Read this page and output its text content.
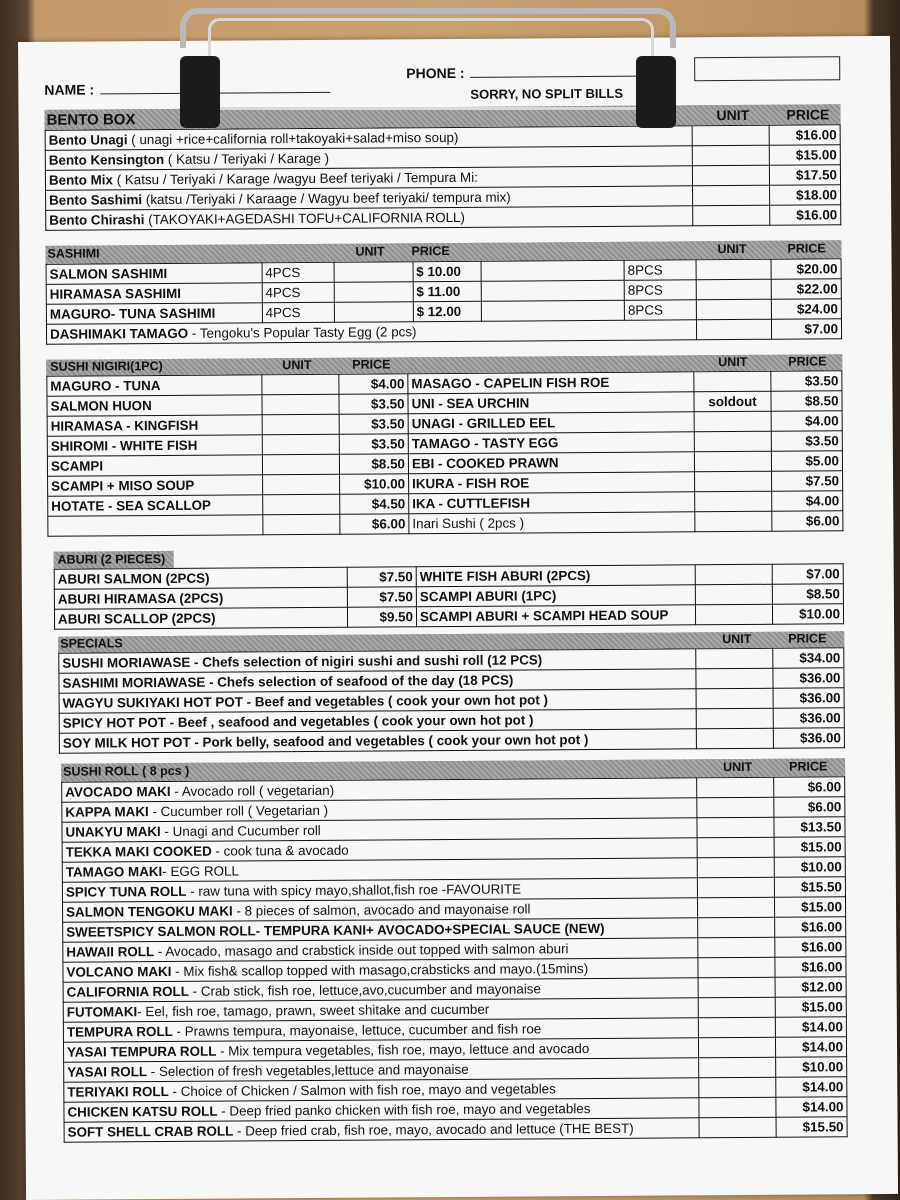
NAME :
PHONE :
SORRY, NO SPLIT BILLS
BENTO BOX	UNIT	PRICE
Bento Unagi ( unagi +rice+california roll+takoyaki+salad+miso soup)		$16.00
Bento Kensington ( Katsu / Teriyaki / Karage )		$15.00
Bento Mix ( Katsu / Teriyaki / Karage /wagyu Beef teriyaki / Tempura Mi:		$17.50
Bento Sashimi (katsu /Teriyaki / Karaage / Wagyu beef teriyaki/ tempura mix)		$18.00
Bento Chirashi (TAKOYAKI+AGEDASHI TOFU+CALIFORNIA ROLL)		$16.00
SASHIMI	UNIT PRICE	UNIT	PRICE
SALMON SASHIMI	4PCS		$ 10.00		8PCS		$20.00
HIRAMASA SASHIMI	4PCS		$ 11.00		8PCS		$22.00
MAGURO- TUNA SASHIMI	4PCS		$ 12.00		8PCS		$24.00
DASHIMAKI TAMAGO - Tengoku's Popular Tasty Egg (2 pcs)							$7.00
SUSHI NIGIRI(1PC)	UNIT	PRICE	UNIT	PRICE
MAGURO - TUNA		$4.00	MASAGO - CAPELIN FISH ROE		$3.50
SALMON HUON		$3.50	UNI - SEA URCHIN	soldout	$8.50
HIRAMASA - KINGFISH		$3.50	UNAGI - GRILLED EEL		$4.00
SHIROMI - WHITE FISH		$3.50	TAMAGO - TASTY EGG		$3.50
SCAMPI		$8.50	EBI - COOKED PRAWN		$5.00
SCAMPI + MISO SOUP		$10.00	IKURA - FISH ROE		$7.50
HOTATE - SEA SCALLOP		$4.50	IKA - CUTTLEFISH		$4.00
		$6.00	Inari Sushi ( 2pcs )		$6.00
ABURI (2 PIECES)
ABURI SALMON (2PCS)	$7.50	WHITE FISH ABURI (2PCS)		$7.00
ABURI HIRAMASA (2PCS)	$7.50	SCAMPI ABURI (1PC)		$8.50
ABURI SCALLOP (2PCS)	$9.50	SCAMPI ABURI + SCAMPI HEAD SOUP		$10.00
SPECIALS	UNIT	PRICE
SUSHI MORIAWASE - Chefs selection of nigiri sushi and sushi roll (12 PCS)		$34.00
SASHIMI MORIAWASE - Chefs selection of seafood of the day (18 PCS)		$36.00
WAGYU SUKIYAKI HOT POT - Beef and vegetables ( cook your own hot pot )		$36.00
SPICY HOT POT - Beef , seafood and vegetables ( cook your own hot pot )		$36.00
SOY MILK HOT POT - Pork belly, seafood and vegetables ( cook your own hot pot )		$36.00
SUSHI ROLL ( 8 pcs )	UNIT	PRICE
AVOCADO MAKI - Avocado roll ( vegetarian)		$6.00
KAPPA MAKI - Cucumber roll ( Vegetarian )		$6.00
UNAKYU MAKI - Unagi and Cucumber roll		$13.50
TEKKA MAKI COOKED - cook tuna & avocado		$15.00
TAMAGO MAKI- EGG ROLL		$10.00
SPICY TUNA ROLL - raw tuna with spicy mayo,shallot,fish roe -FAVOURITE		$15.50
SALMON TENGOKU MAKI - 8 pieces of salmon, avocado and mayonaise roll		$15.00
SWEETSPICY SALMON ROLL- TEMPURA KANI+ AVOCADO+SPECIAL SAUCE (NEW)		$16.00
HAWAII ROLL - Avocado, masago and crabstick inside out topped with salmon aburi		$16.00
VOLCANO MAKI - Mix fish& scallop topped with masago,crabsticks and mayo.(15mins)		$16.00
CALIFORNIA ROLL - Crab stick, fish roe, lettuce,avo,cucumber and mayonaise		$12.00
FUTOMAKI- Eel, fish roe, tamago, prawn, sweet shitake and cucumber		$15.00
TEMPURA ROLL - Prawns tempura, mayonaise, lettuce, cucumber and fish roe		$14.00
YASAI TEMPURA ROLL - Mix tempura vegetables, fish roe, mayo, lettuce and avocado		$14.00
YASAI ROLL - Selection of fresh vegetables,lettuce and mayonaise		$10.00
TERIYAKI ROLL - Choice of Chicken / Salmon with fish roe, mayo and vegetables		$14.00
CHICKEN KATSU ROLL - Deep fried panko chicken with fish roe, mayo and vegetables		$14.00
SOFT SHELL CRAB ROLL - Deep fried crab, fish roe, mayo, avocado and lettuce (THE BEST)		$15.50
